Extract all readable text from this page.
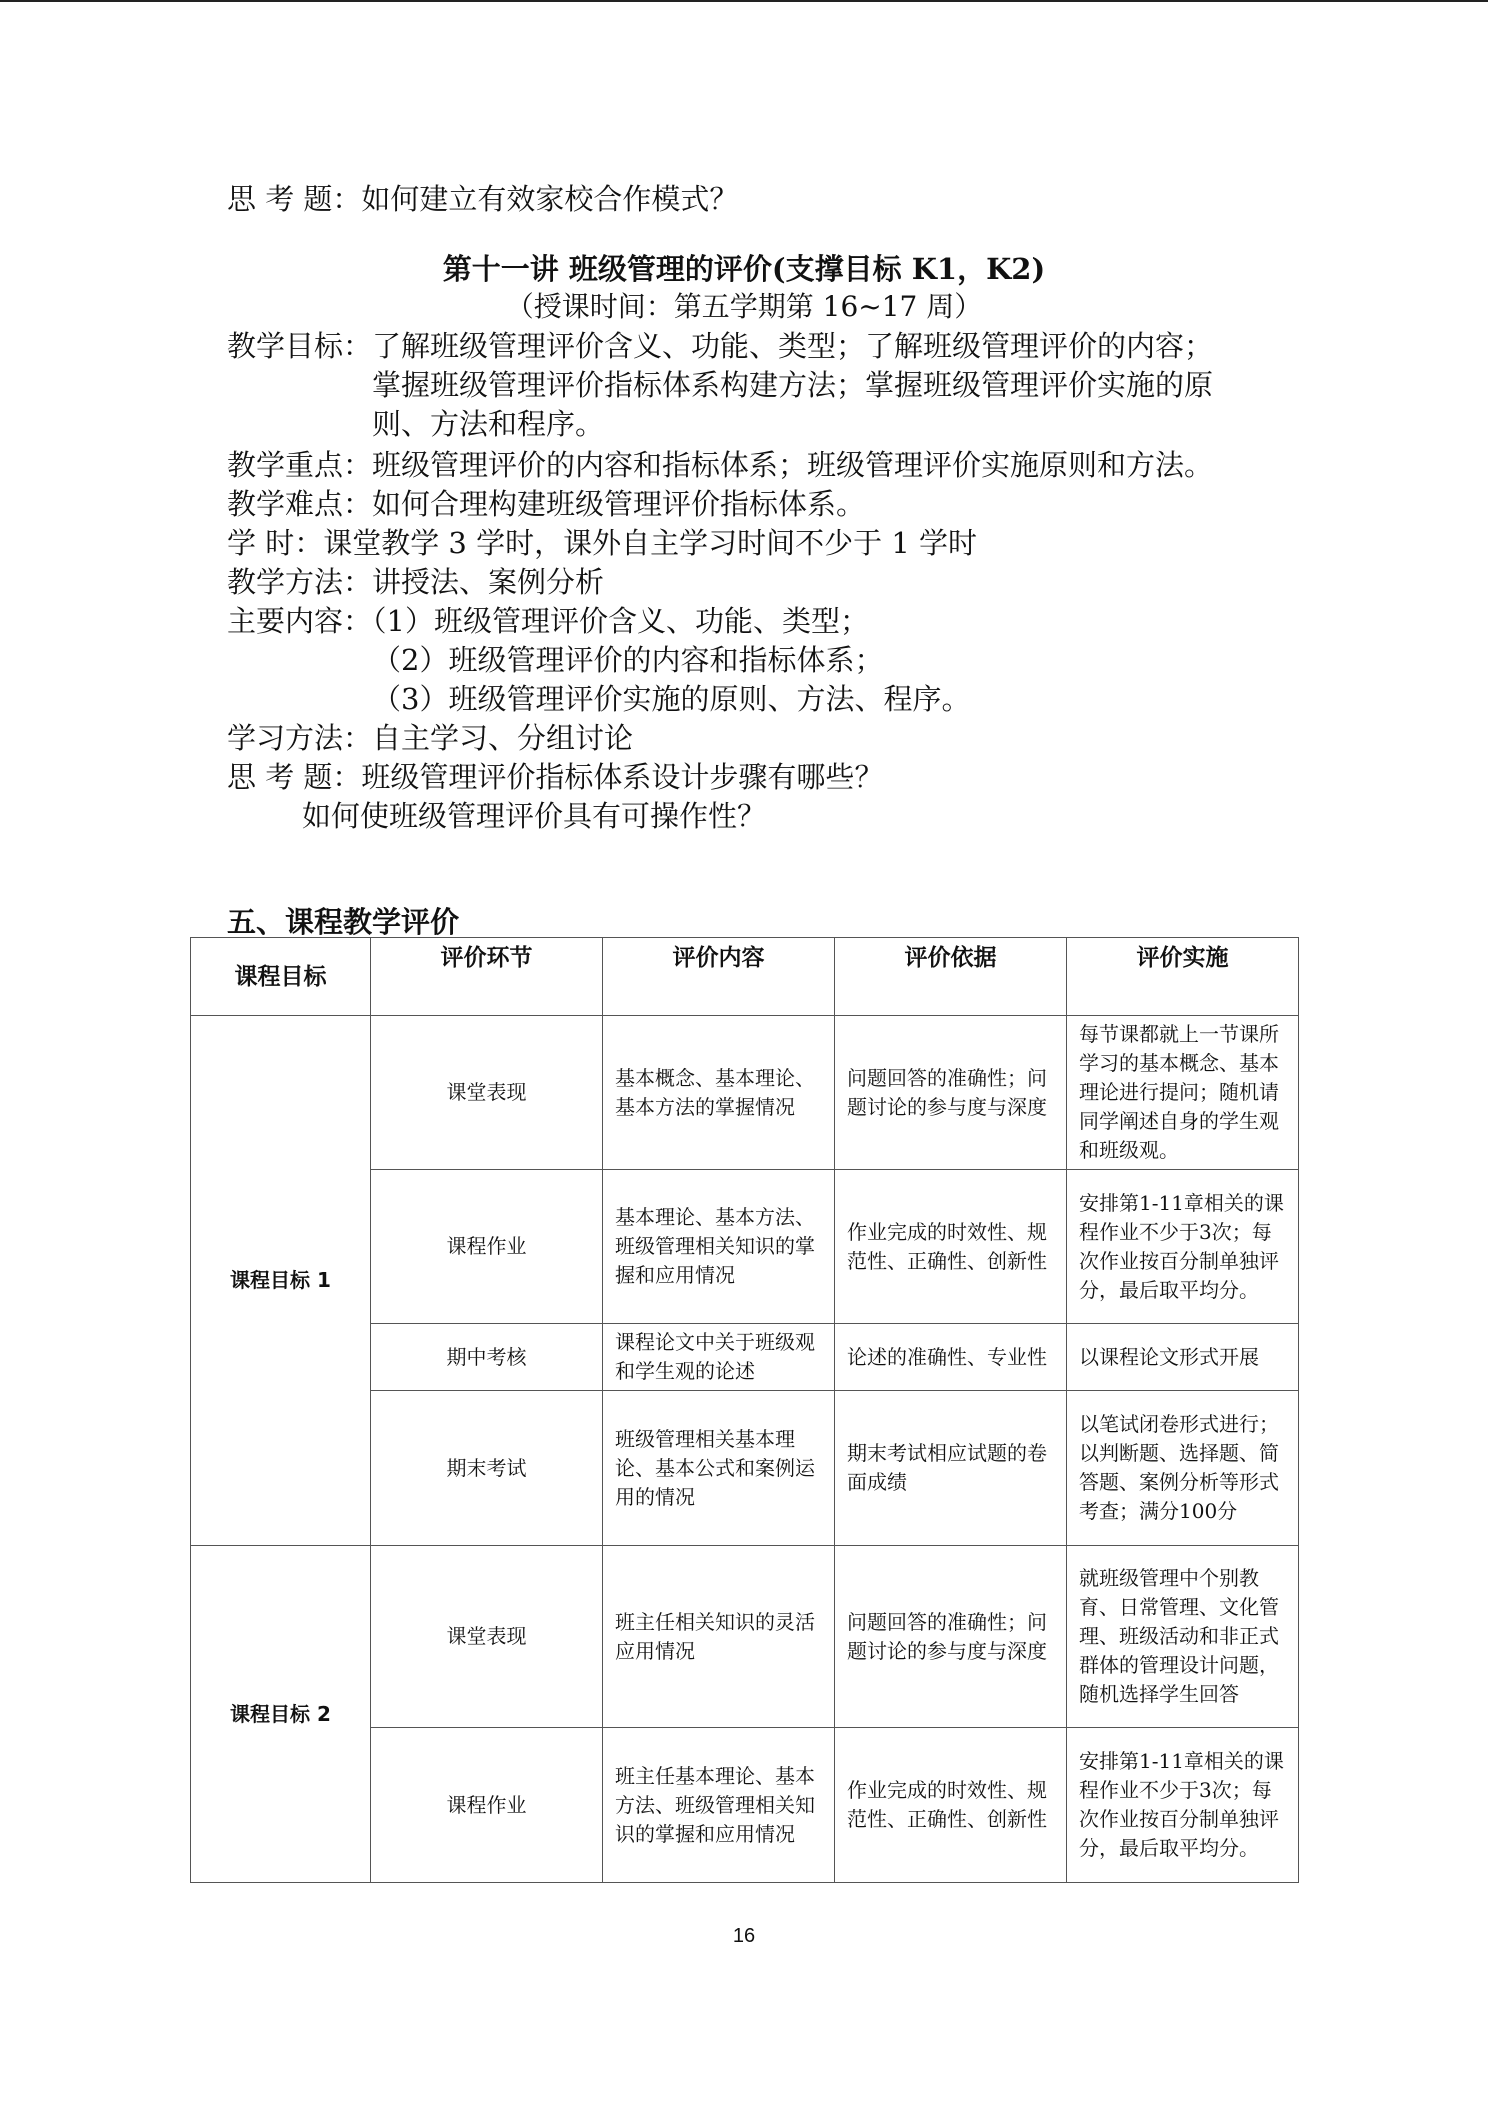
思 考 题：如何建立有效家校合作模式？
第十一讲 班级管理的评价(支撑目标 K1，K2)
（授课时间：第五学期第 16~17 周）
教学目标：了解班级管理评价含义、功能、类型；了解班级管理评价的内容；
掌握班级管理评价指标体系构建方法；掌握班级管理评价实施的原
则、方法和程序。
教学重点：班级管理评价的内容和指标体系；班级管理评价实施原则和方法。
教学难点：如何合理构建班级管理评价指标体系。
学 时：课堂教学 3 学时，课外自主学习时间不少于 1 学时
教学方法：讲授法、案例分析
主要内容：（1）班级管理评价含义、功能、类型；
（2）班级管理评价的内容和指标体系；
（3）班级管理评价实施的原则、方法、程序。
学习方法：自主学习、分组讨论
思 考 题：班级管理评价指标体系设计步骤有哪些？
如何使班级管理评价具有可操作性？
五、课程教学评价
课程目标	评价环节	评价内容	评价依据	评价实施
课程目标 1	课堂表现	基本概念、基本理论、基本方法的掌握情况	问题回答的准确性；问题讨论的参与度与深度	每节课都就上一节课所学习的基本概念、基本理论进行提问；随机请同学阐述自身的学生观和班级观。
	课程作业	基本理论、基本方法、班级管理相关知识的掌握和应用情况	作业完成的时效性、规范性、正确性、创新性	安排第1-11章相关的课程作业不少于3次；每次作业按百分制单独评分，最后取平均分。
	期中考核	课程论文中关于班级观和学生观的论述	论述的准确性、专业性	以课程论文形式开展
	期末考试	班级管理相关基本理论、基本公式和案例运用的情况	期末考试相应试题的卷面成绩	以笔试闭卷形式进行；以判断题、选择题、简答题、案例分析等形式考查；满分100分
课程目标 2	课堂表现	班主任相关知识的灵活应用情况	问题回答的准确性；问题讨论的参与度与深度	就班级管理中个别教育、日常管理、文化管理、班级活动和非正式群体的管理设计问题，随机选择学生回答
	课程作业	班主任基本理论、基本方法、班级管理相关知识的掌握和应用情况	作业完成的时效性、规范性、正确性、创新性	安排第1-11章相关的课程作业不少于3次；每次作业按百分制单独评分，最后取平均分。
16
